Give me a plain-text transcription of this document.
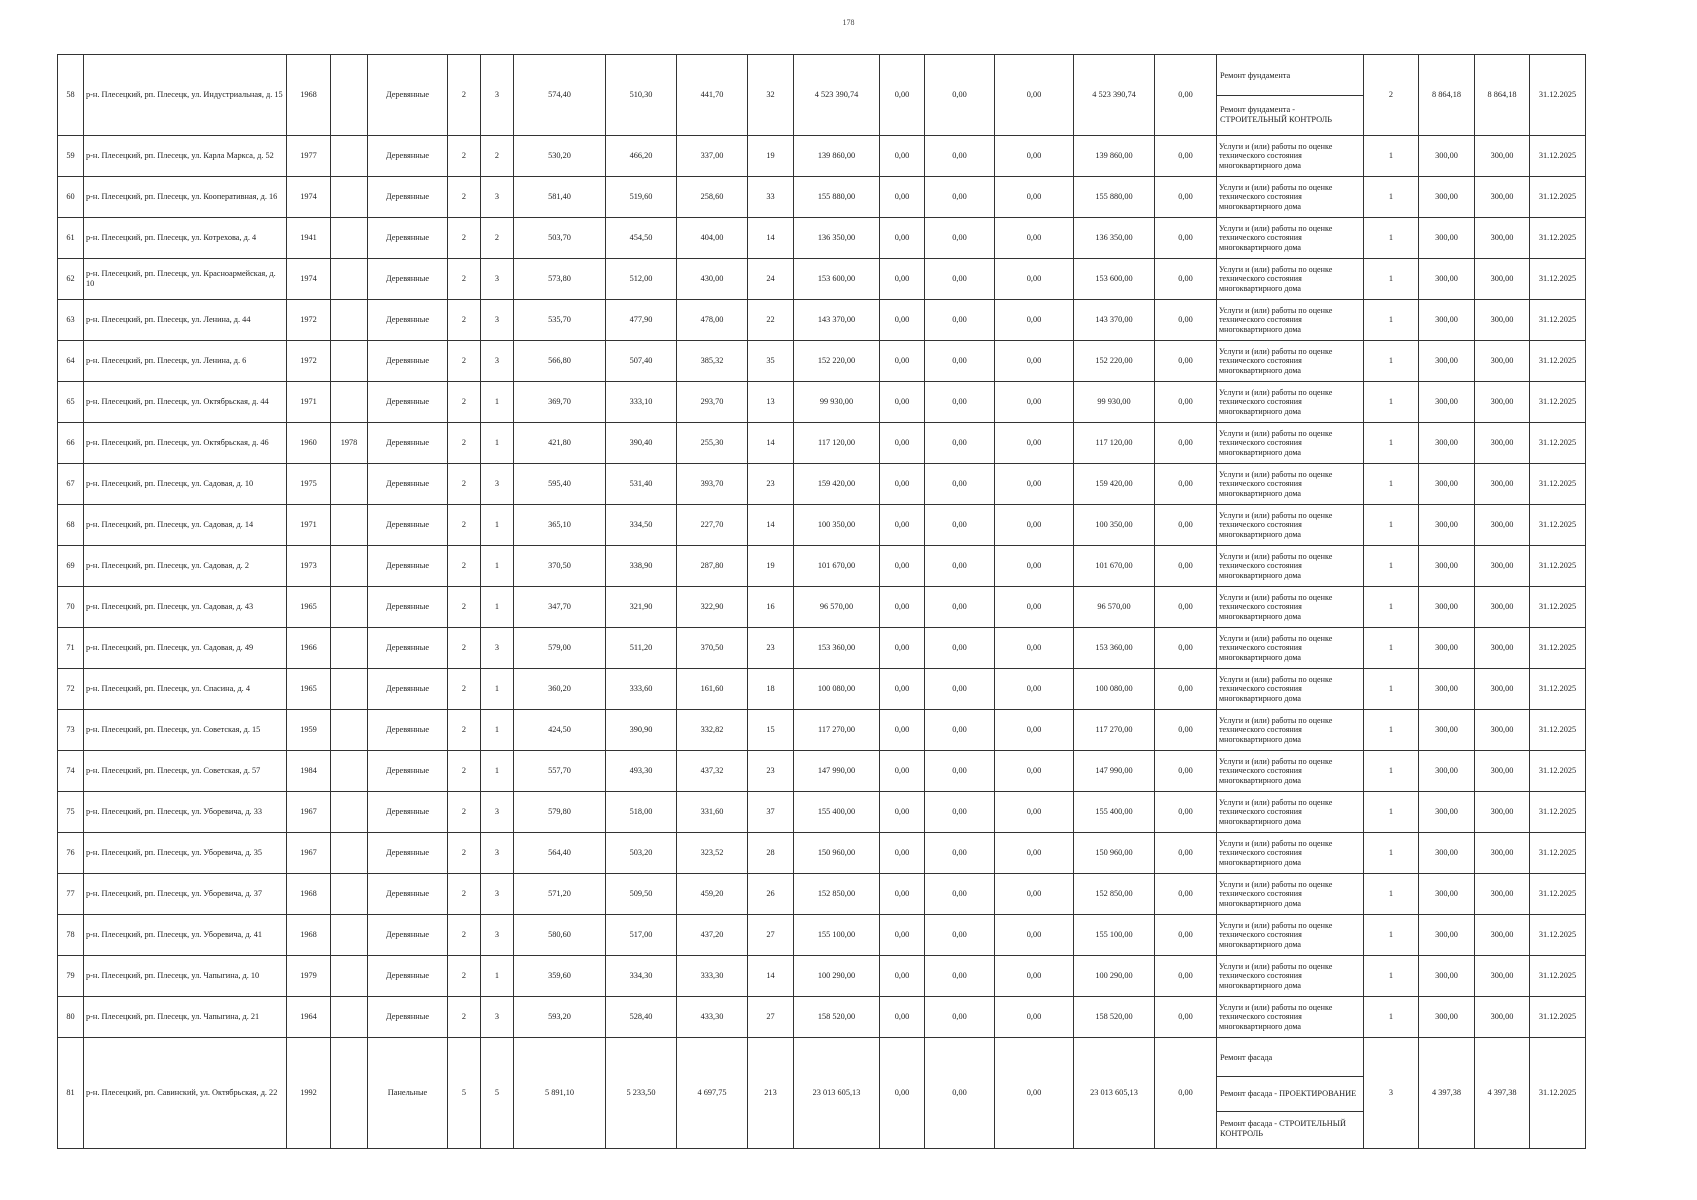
178
58	р-н. Плесецкий, рп. Плесецк, ул. Индустриальная, д. 15	1968		Деревянные	2	3	574,40	510,30	441,70	32	4 523 390,74	0,00	0,00	0,00	4 523 390,74	0,00	Ремонт фундамента
Ремонт фундамента - СТРОИТЕЛЬНЫЙ КОНТРОЛЬ	2	8 864,18	8 864,18	31.12.2025
59	р-н. Плесецкий, рп. Плесецк, ул. Карла Маркса, д. 52	1977		Деревянные	2	2	530,20	466,20	337,00	19	139 860,00	0,00	0,00	0,00	139 860,00	0,00	Услуги и (или) работы по оценке технического состояния многоквартирного дома	1	300,00	300,00	31.12.2025
60	р-н. Плесецкий, рп. Плесецк, ул. Кооперативная, д. 16	1974		Деревянные	2	3	581,40	519,60	258,60	33	155 880,00	0,00	0,00	0,00	155 880,00	0,00	Услуги и (или) работы по оценке технического состояния многоквартирного дома	1	300,00	300,00	31.12.2025
61	р-н. Плесецкий, рп. Плесецк, ул. Котрехова, д. 4	1941		Деревянные	2	2	503,70	454,50	404,00	14	136 350,00	0,00	0,00	0,00	136 350,00	0,00	Услуги и (или) работы по оценке технического состояния многоквартирного дома	1	300,00	300,00	31.12.2025
62	р-н. Плесецкий, рп. Плесецк, ул. Красноармейская, д. 10	1974		Деревянные	2	3	573,80	512,00	430,00	24	153 600,00	0,00	0,00	0,00	153 600,00	0,00	Услуги и (или) работы по оценке технического состояния многоквартирного дома	1	300,00	300,00	31.12.2025
63	р-н. Плесецкий, рп. Плесецк, ул. Ленина, д. 44	1972		Деревянные	2	3	535,70	477,90	478,00	22	143 370,00	0,00	0,00	0,00	143 370,00	0,00	Услуги и (или) работы по оценке технического состояния многоквартирного дома	1	300,00	300,00	31.12.2025
64	р-н. Плесецкий, рп. Плесецк, ул. Ленина, д. 6	1972		Деревянные	2	3	566,80	507,40	385,32	35	152 220,00	0,00	0,00	0,00	152 220,00	0,00	Услуги и (или) работы по оценке технического состояния многоквартирного дома	1	300,00	300,00	31.12.2025
65	р-н. Плесецкий, рп. Плесецк, ул. Октябрьская, д. 44	1971		Деревянные	2	1	369,70	333,10	293,70	13	99 930,00	0,00	0,00	0,00	99 930,00	0,00	Услуги и (или) работы по оценке технического состояния многоквартирного дома	1	300,00	300,00	31.12.2025
66	р-н. Плесецкий, рп. Плесецк, ул. Октябрьская, д. 46	1960	1978	Деревянные	2	1	421,80	390,40	255,30	14	117 120,00	0,00	0,00	0,00	117 120,00	0,00	Услуги и (или) работы по оценке технического состояния многоквартирного дома	1	300,00	300,00	31.12.2025
67	р-н. Плесецкий, рп. Плесецк, ул. Садовая, д. 10	1975		Деревянные	2	3	595,40	531,40	393,70	23	159 420,00	0,00	0,00	0,00	159 420,00	0,00	Услуги и (или) работы по оценке технического состояния многоквартирного дома	1	300,00	300,00	31.12.2025
68	р-н. Плесецкий, рп. Плесецк, ул. Садовая, д. 14	1971		Деревянные	2	1	365,10	334,50	227,70	14	100 350,00	0,00	0,00	0,00	100 350,00	0,00	Услуги и (или) работы по оценке технического состояния многоквартирного дома	1	300,00	300,00	31.12.2025
69	р-н. Плесецкий, рп. Плесецк, ул. Садовая, д. 2	1973		Деревянные	2	1	370,50	338,90	287,80	19	101 670,00	0,00	0,00	0,00	101 670,00	0,00	Услуги и (или) работы по оценке технического состояния многоквартирного дома	1	300,00	300,00	31.12.2025
70	р-н. Плесецкий, рп. Плесецк, ул. Садовая, д. 43	1965		Деревянные	2	1	347,70	321,90	322,90	16	96 570,00	0,00	0,00	0,00	96 570,00	0,00	Услуги и (или) работы по оценке технического состояния многоквартирного дома	1	300,00	300,00	31.12.2025
71	р-н. Плесецкий, рп. Плесецк, ул. Садовая, д. 49	1966		Деревянные	2	3	579,00	511,20	370,50	23	153 360,00	0,00	0,00	0,00	153 360,00	0,00	Услуги и (или) работы по оценке технического состояния многоквартирного дома	1	300,00	300,00	31.12.2025
72	р-н. Плесецкий, рп. Плесецк, ул. Спасина, д. 4	1965		Деревянные	2	1	360,20	333,60	161,60	18	100 080,00	0,00	0,00	0,00	100 080,00	0,00	Услуги и (или) работы по оценке технического состояния многоквартирного дома	1	300,00	300,00	31.12.2025
73	р-н. Плесецкий, рп. Плесецк, ул. Советская, д. 15	1959		Деревянные	2	1	424,50	390,90	332,82	15	117 270,00	0,00	0,00	0,00	117 270,00	0,00	Услуги и (или) работы по оценке технического состояния многоквартирного дома	1	300,00	300,00	31.12.2025
74	р-н. Плесецкий, рп. Плесецк, ул. Советская, д. 57	1984		Деревянные	2	1	557,70	493,30	437,32	23	147 990,00	0,00	0,00	0,00	147 990,00	0,00	Услуги и (или) работы по оценке технического состояния многоквартирного дома	1	300,00	300,00	31.12.2025
75	р-н. Плесецкий, рп. Плесецк, ул. Уборевича, д. 33	1967		Деревянные	2	3	579,80	518,00	331,60	37	155 400,00	0,00	0,00	0,00	155 400,00	0,00	Услуги и (или) работы по оценке технического состояния многоквартирного дома	1	300,00	300,00	31.12.2025
76	р-н. Плесецкий, рп. Плесецк, ул. Уборевича, д. 35	1967		Деревянные	2	3	564,40	503,20	323,52	28	150 960,00	0,00	0,00	0,00	150 960,00	0,00	Услуги и (или) работы по оценке технического состояния многоквартирного дома	1	300,00	300,00	31.12.2025
77	р-н. Плесецкий, рп. Плесецк, ул. Уборевича, д. 37	1968		Деревянные	2	3	571,20	509,50	459,20	26	152 850,00	0,00	0,00	0,00	152 850,00	0,00	Услуги и (или) работы по оценке технического состояния многоквартирного дома	1	300,00	300,00	31.12.2025
78	р-н. Плесецкий, рп. Плесецк, ул. Уборевича, д. 41	1968		Деревянные	2	3	580,60	517,00	437,20	27	155 100,00	0,00	0,00	0,00	155 100,00	0,00	Услуги и (или) работы по оценке технического состояния многоквартирного дома	1	300,00	300,00	31.12.2025
79	р-н. Плесецкий, рп. Плесецк, ул. Чапыгина, д. 10	1979		Деревянные	2	1	359,60	334,30	333,30	14	100 290,00	0,00	0,00	0,00	100 290,00	0,00	Услуги и (или) работы по оценке технического состояния многоквартирного дома	1	300,00	300,00	31.12.2025
80	р-н. Плесецкий, рп. Плесецк, ул. Чапыгина, д. 21	1964		Деревянные	2	3	593,20	528,40	433,30	27	158 520,00	0,00	0,00	0,00	158 520,00	0,00	Услуги и (или) работы по оценке технического состояния многоквартирного дома	1	300,00	300,00	31.12.2025
81	р-н. Плесецкий, рп. Савинский, ул. Октябрьская, д. 22	1992		Панельные	5	5	5 891,10	5 233,50	4 697,75	213	23 013 605,13	0,00	0,00	0,00	23 013 605,13	0,00	Ремонт фасада
Ремонт фасада - ПРОЕКТИРОВАНИЕ
Ремонт фасада - СТРОИТЕЛЬНЫЙ КОНТРОЛЬ	3	4 397,38	4 397,38	31.12.2025
